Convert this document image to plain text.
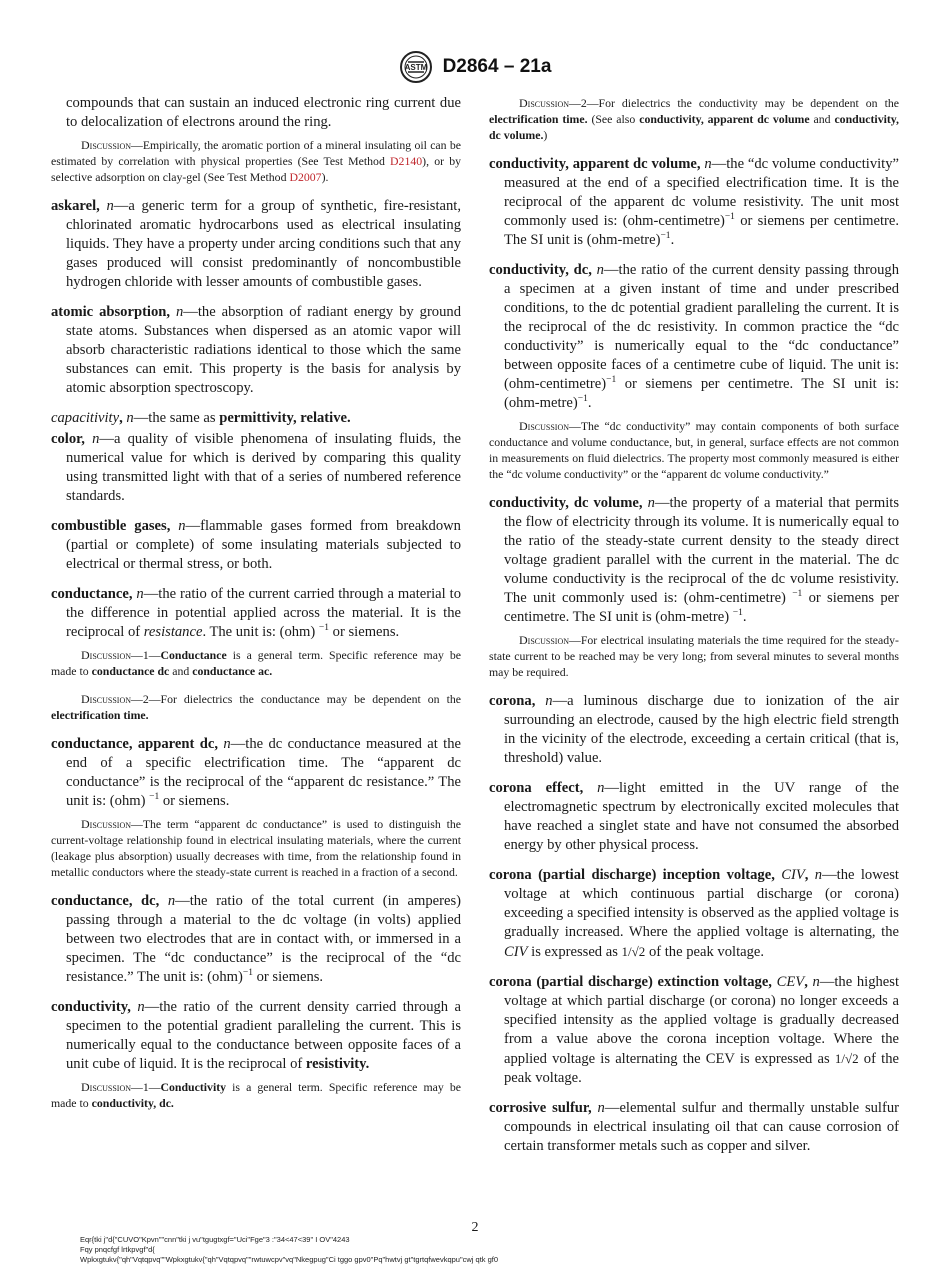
ASTM D2864 – 21a

compounds that can sustain an induced electronic ring current due to delocalization of electrons around the ring.

Discussion—Empirically, the aromatic portion of a mineral insulating oil can be estimated by correlation with physical properties (See Test Method D2140), or by selective adsorption on clay-gel (See Test Method D2007).

askarel, n—a generic term for a group of synthetic, fire-resistant, chlorinated aromatic hydrocarbons used as electrical insulating liquids. They have a property under arcing conditions such that any gases produced will consist predominantly of noncombustible hydrogen chloride with lesser amounts of combustible gases.

atomic absorption, n—the absorption of radiant energy by ground state atoms. Substances when dispersed as an atomic vapor will absorb characteristic radiations identical to those which the same substances can emit. This property is the basis for analysis by atomic absorption spectroscopy.

capacitivity, n—the same as permittivity, relative.

color, n—a quality of visible phenomena of insulating fluids, the numerical value for which is derived by comparing this quality using transmitted light with that of a series of numbered reference standards.

combustible gases, n—flammable gases formed from breakdown (partial or complete) of some insulating materials subjected to electrical or thermal stress, or both.

conductance, n—the ratio of the current carried through a material to the difference in potential applied across the material. It is the reciprocal of resistance. The unit is: (ohm) $^{-1}$ or siemens.

Discussion—1—Conductance is a general term. Specific reference may be made to conductance dc and conductance ac.

Discussion—2—For dielectrics the conductance may be dependent on the electrification time.

conductance, apparent dc, n—the dc conductance measured at the end of a specific electrification time. The “apparent dc conductance” is the reciprocal of the “apparent dc resistance.” The unit is: (ohm) $^{-1}$ or siemens.

Discussion—The term “apparent dc conductance” is used to distinguish the current-voltage relationship found in electrical insulating materials, where the current (leakage plus absorption) usually decreases with time, from the relationship found in metallic conductors where the steady-state current is reached in a fraction of a second.

conductance, dc, n—the ratio of the total current (in amperes) passing through a material to the dc voltage (in volts) applied between two electrodes that are in contact with, or immersed in a specimen. The “dc conductance” is the reciprocal of the “dc resistance.” The unit is: (ohm)$^{-1}$ or siemens.

conductivity, n—the ratio of the current density carried through a specimen to the potential gradient paralleling the current. This is numerically equal to the conductance between opposite faces of a unit cube of liquid. It is the reciprocal of resistivity.

Discussion—1—Conductivity is a general term. Specific reference may be made to conductivity, dc.

Discussion—2—For dielectrics the conductivity may be dependent on the electrification time. (See also conductivity, apparent dc volume and conductivity, dc volume.)

conductivity, apparent dc volume, n—the “dc volume conductivity” measured at the end of a specified electrification time. It is the reciprocal of the apparent dc volume resistivity. The unit most commonly used is: (ohm-centimetre)$^{-1}$ or siemens per centimetre. The SI unit is (ohm-metre)$^{-1}$.

conductivity, dc, n—the ratio of the current density passing through a specimen at a given instant of time and under prescribed conditions, to the dc potential gradient paralleling the current. It is the reciprocal of the dc resistivity. In common practice the “dc conductivity” is numerically equal to the “dc conductance” between opposite faces of a centimetre cube of liquid. The unit is: (ohm-centimetre)$^{-1}$ or siemens per centimetre. The SI unit is: (ohm-metre)$^{-1}$.

Discussion—The “dc conductivity” may contain components of both surface conductance and volume conductance, but, in general, surface effects are not common in measurements on fluid dielectrics. The property most commonly measured is either the “dc volume conductivity” or the “apparent dc volume conductivity.”

conductivity, dc volume, n—the property of a material that permits the flow of electricity through its volume. It is numerically equal to the ratio of the steady-state current density to the steady direct voltage gradient parallel with the current in the material. The dc volume conductivity is the reciprocal of the dc volume resistivity. The unit commonly used is: (ohm-centimetre) $^{-1}$ or siemens per centimetre. The SI unit is (ohm-metre) $^{-1}$.

Discussion—For electrical insulating materials the time required for the steady-state current to be reached may be very long; from several minutes to several months may be required.

corona, n—a luminous discharge due to ionization of the air surrounding an electrode, caused by the high electric field strength in the vicinity of the electrode, exceeding a certain critical (that is, threshold) value.

corona effect, n—light emitted in the UV range of the electromagnetic spectrum by electronically excited molecules that have reached a singlet state and have not consumed the absorbed energy by other physical process.

corona (partial discharge) inception voltage, CIV, n—the lowest voltage at which continuous partial discharge (or corona) exceeding a specified intensity is observed as the applied voltage is gradually increased. Where the applied voltage is alternating, the CIV is expressed as 1/√2 of the peak voltage.

corona (partial discharge) extinction voltage, CEV, n—the highest voltage at which partial discharge (or corona) no longer exceeds a specified intensity as the applied voltage is gradually decreased from a value above the corona inception voltage. Where the applied voltage is alternating the CEV is expressed as 1/√2 of the peak voltage.

corrosive sulfur, n—elemental sulfur and thermally unstable sulfur compounds in electrical insulating oil that can cause corrosion of certain transformer metals such as copper and silver.

2
Eqr{tki j"d{"CUVO"Kpvn""cnn"tki j vu"tgugtxgf="Uci"Fge"3 :"34<47<39" I OV"4243
Fqy pnqcfgf lrtkpvgf"d{
Wpkxgtukv{"qh"Vqtqpvq""Wpkxgtukv{"qh"Vqtqpvq""rwtuwcpv"vq"Nkegpug"Ci tggo gpv0"Pq"hwtvj gt"tgrtqfwevkqpu"cwj qtk gf0
